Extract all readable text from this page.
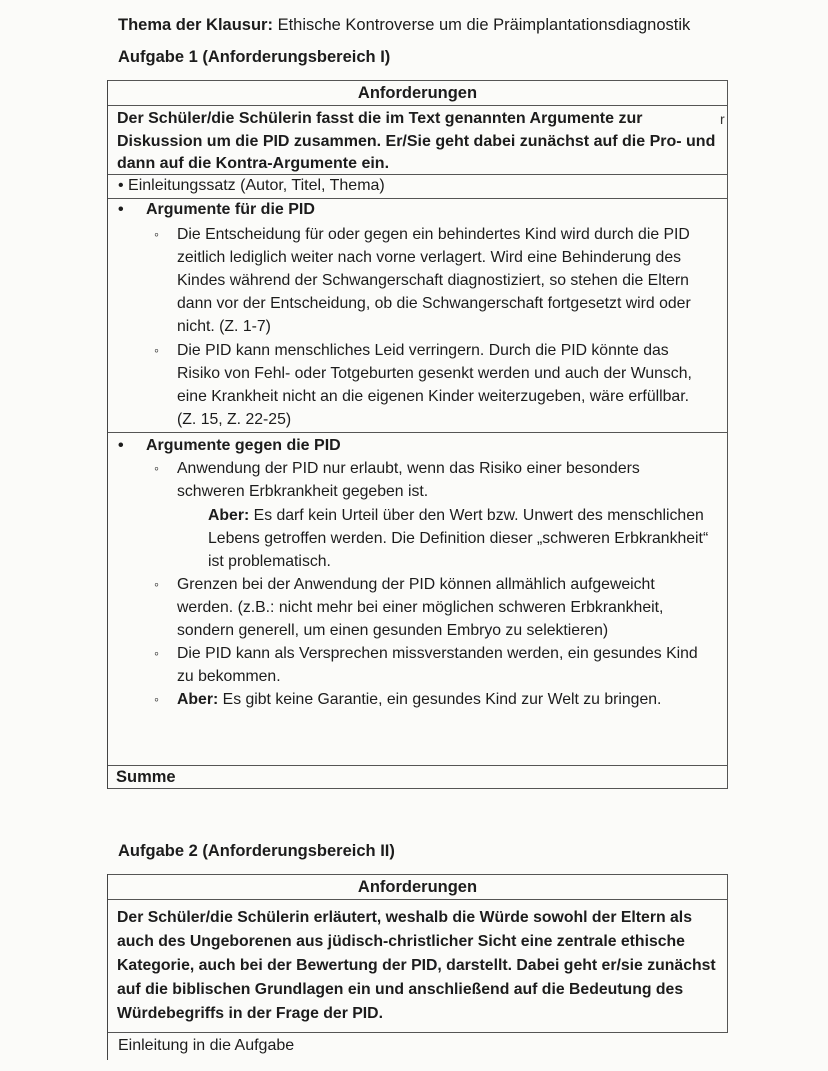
Thema der Klausur: Ethische Kontroverse um die Präimplantationsdiagnostik
Aufgabe 1 (Anforderungsbereich I)
Anforderungen
Der Schüler/die Schülerin fasst die im Text genannten Argumente zur Diskussion um die PID zusammen. Er/Sie geht dabei zunächst auf die Pro- und dann auf die Kontra-Argumente ein.
• Einleitungssatz (Autor, Titel, Thema)
• Argumente für die PID
◦ Die Entscheidung für oder gegen ein behindertes Kind wird durch die PID zeitlich lediglich weiter nach vorne verlagert. Wird eine Behinderung des Kindes während der Schwangerschaft diagnostiziert, so stehen die Eltern dann vor der Entscheidung, ob die Schwangerschaft fortgesetzt wird oder nicht. (Z. 1-7)
◦ Die PID kann menschliches Leid verringern. Durch die PID könnte das Risiko von Fehl- oder Totgeburten gesenkt werden und auch der Wunsch, eine Krankheit nicht an die eigenen Kinder weiterzugeben, wäre erfüllbar. (Z. 15, Z. 22-25)
• Argumente gegen die PID
◦ Anwendung der PID nur erlaubt, wenn das Risiko einer besonders schweren Erbkrankheit gegeben ist.
Aber: Es darf kein Urteil über den Wert bzw. Unwert des menschlichen Lebens getroffen werden. Die Definition dieser „schweren Erbkrankheit“ ist problematisch.
◦ Grenzen bei der Anwendung der PID können allmählich aufgeweicht werden. (z.B.: nicht mehr bei einer möglichen schweren Erbkrankheit, sondern generell, um einen gesunden Embryo zu selektieren)
◦ Die PID kann als Versprechen missverstanden werden, ein gesundes Kind zu bekommen.
◦ Aber: Es gibt keine Garantie, ein gesundes Kind zur Welt zu bringen.
Summe
r
Aufgabe 2 (Anforderungsbereich II)
Anforderungen
Der Schüler/die Schülerin erläutert, weshalb die Würde sowohl der Eltern als auch des Ungeborenen aus jüdisch-christlicher Sicht eine zentrale ethische Kategorie, auch bei der Bewertung der PID, darstellt. Dabei geht er/sie zunächst auf die biblischen Grundlagen ein und anschließend auf die Bedeutung des Würdebegriffs in der Frage der PID.
Einleitung in die Aufgabe
